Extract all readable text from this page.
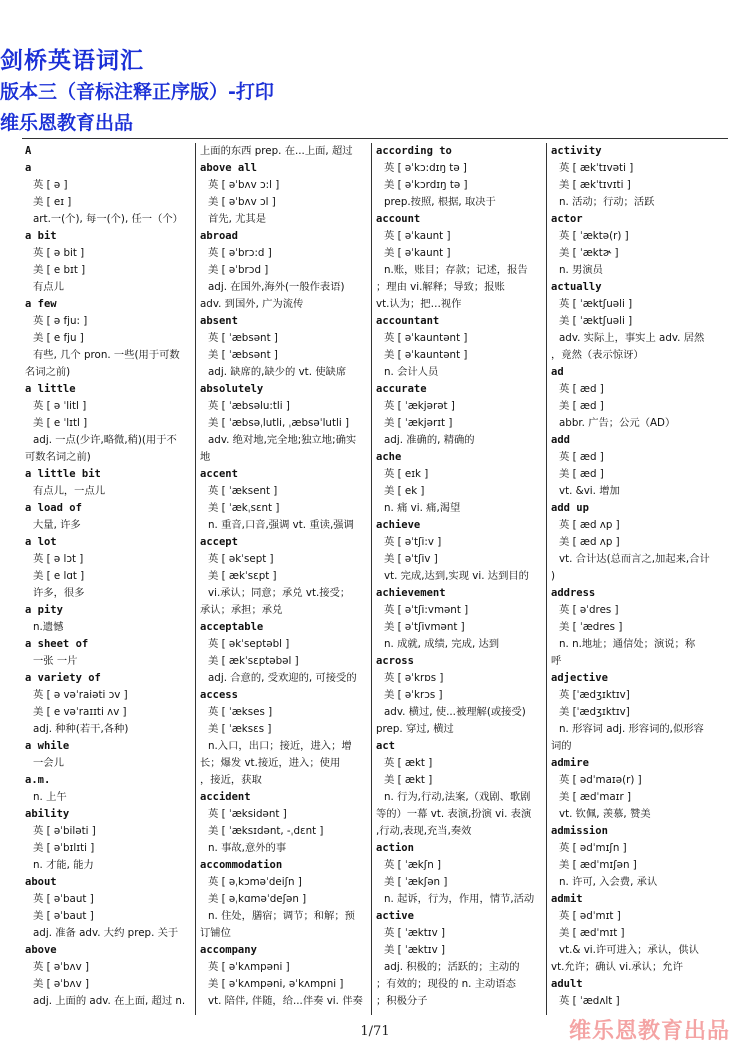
剑桥英语词汇
版本三（音标注释正序版）-打印
维乐恩教育出品
A
a
英 [ ə ]
美 [ eɪ ]
art.一(个), 每一(个), 任一（个）
a bit
英 [ ə bit ]
美 [ e bɪt ]
有点儿
a few
英 [ ə fju: ]
美 [ e fju ]
有些, 几个 pron. 一些(用于可数
名词之前)
a little
英 [ ə ˈlitl ]
美 [ e ˈlɪtl ]
adj. 一点(少许,略微,稍)(用于不
可数名词之前)
a little bit
有点儿，一点儿
a load of
大量, 许多
a lot
英 [ ə lɔt ]
美 [ e lɑt ]
许多，很多
a pity
n.遗憾
a sheet of
一张 一片
a variety of
英 [ ə vəˈraiəti ɔv ]
美 [ e vəˈraɪɪti ʌv ]
adj. 种种(若干,各种)
a while
一会儿
a.m.
n. 上午
ability
英 [ əˈbiləti ]
美 [ əˈbɪlɪti ]
n. 才能, 能力
about
英 [ əˈbaut ]
美 [ əˈbaut ]
adj. 准备 adv. 大约 prep. 关于
above
英 [ əˈbʌv ]
美 [ əˈbʌv ]
adj. 上面的 adv. 在上面, 超过 n.
上面的东西 prep. 在...上面, 超过
above all
英 [ əˈbʌv ɔ:l ]
美 [ əˈbʌv ɔl ]
首先, 尤其是
abroad
英 [ əˈbrɔ:d ]
美 [ əˈbrɔd ]
adj. 在国外,海外(一般作表语)
adv. 到国外, 广为流传
absent
英 [ ˈæbsənt ]
美 [ ˈæbsənt ]
adj. 缺席的,缺少的 vt. 使缺席
absolutely
英 [ ˈæbsəlu:tli ]
美 [ ˈæbsəˌlutli, ˌæbsəˈlutli ]
adv. 绝对地,完全地;独立地;确实
地
accent
英 [ ˈæksent ]
美 [ ˈækˌsɛnt ]
n. 重音,口音,强调 vt. 重读,强调
accept
英 [ əkˈsept ]
美 [ ækˈsɛpt ]
vi.承认；同意；承兑 vt.接受；
承认；承担；承兑
acceptable
英 [ əkˈseptəbl ]
美 [ ækˈsɛptəbəl ]
adj. 合意的, 受欢迎的, 可接受的
access
英 [ ˈækses ]
美 [ ˈæksɛs ]
n.入口，出口；接近，进入；增
长；爆发 vt.接近，进入；使用
，接近，获取
accident
英 [ ˈæksidənt ]
美 [ ˈæksɪdənt, -ˌdɛnt ]
n. 事故,意外的事
accommodation
英 [ əˌkɔməˈdeiʃn ]
美 [ əˌkɑməˈdeʃən ]
n. 住处，膳宿；调节；和解；预
订铺位
accompany
英 [ əˈkʌmpəni ]
美 [ əˈkʌmpəni, əˈkʌmpni ]
vt. 陪伴, 伴随，给...伴奏 vi. 伴奏
according to
英 [ əˈkɔ:dɪŋ tə ]
美 [ əˈkɔrdɪŋ tə ]
prep.按照, 根据, 取决于
account
英 [ əˈkaunt ]
美 [ əˈkaunt ]
n.账，账目；存款；记述，报告
；理由 vi.解释；导致；报账
vt.认为；把…视作
accountant
英 [ əˈkauntənt ]
美 [ əˈkauntənt ]
n. 会计人员
accurate
英 [ ˈækjərət ]
美 [ ˈækjərɪt ]
adj. 准确的, 精确的
ache
英 [ eɪk ]
美 [ ek ]
n. 痛 vi. 痛,渴望
achieve
英 [ əˈtʃi:v ]
美 [ əˈtʃiv ]
vt. 完成,达到,实现 vi. 达到目的
achievement
英 [ əˈtʃi:vmənt ]
美 [ əˈtʃivmənt ]
n. 成就, 成绩, 完成, 达到
across
英 [ əˈkrɒs ]
美 [ əˈkrɔs ]
adv. 横过, 使...被理解(或接受)
prep. 穿过, 横过
act
英 [ ækt ]
美 [ ækt ]
n. 行为,行动,法案,（戏剧、歌剧
等的）一幕 vt. 表演,扮演 vi. 表演
,行动,表现,充当,奏效
action
英 [ ˈækʃn ]
美 [ ˈækʃən ]
n. 起诉，行为，作用，情节,活动
active
英 [ ˈæktɪv ]
美 [ ˈæktɪv ]
adj. 积极的；活跃的；主动的
；有效的；现役的 n. 主动语态
；积极分子
activity
英 [ ækˈtɪvəti ]
美 [ ækˈtɪvɪti ]
n. 活动；行动；活跃
actor
英 [ ˈæktə(r) ]
美 [ ˈæktɚ ]
n. 男演员
actually
英 [ ˈæktʃuəli ]
美 [ ˈæktʃuəli ]
adv. 实际上，事实上 adv. 居然
，竟然（表示惊讶）
ad
英 [ æd ]
美 [ æd ]
abbr. 广告；公元（AD）
add
英 [ æd ]
美 [ æd ]
vt. &vi. 增加
add up
英 [ æd ʌp ]
美 [ æd ʌp ]
vt. 合计达(总而言之,加起来,合计
)
address
英 [ əˈdres ]
美 [ ˈædres ]
n. n.地址；通信处；演说；称
呼
adjective
英 [ˈædʒɪktɪv]
美 [ˈædʒɪktɪv]
n. 形容词 adj. 形容词的,似形容
词的
admire
英 [ ədˈmaɪə(r) ]
美 [ ædˈmaɪr ]
vt. 钦佩, 羡慕, 赞美
admission
英 [ ədˈmɪʃn ]
美 [ ædˈmɪʃən ]
n. 许可, 入会费, 承认
admit
英 [ ədˈmɪt ]
美 [ ædˈmɪt ]
vt.& vi.许可进入；承认，供认
vt.允许；确认 vi.承认；允许
adult
英 [ ˈædʌlt ]
1/71	维乐恩教育出品
